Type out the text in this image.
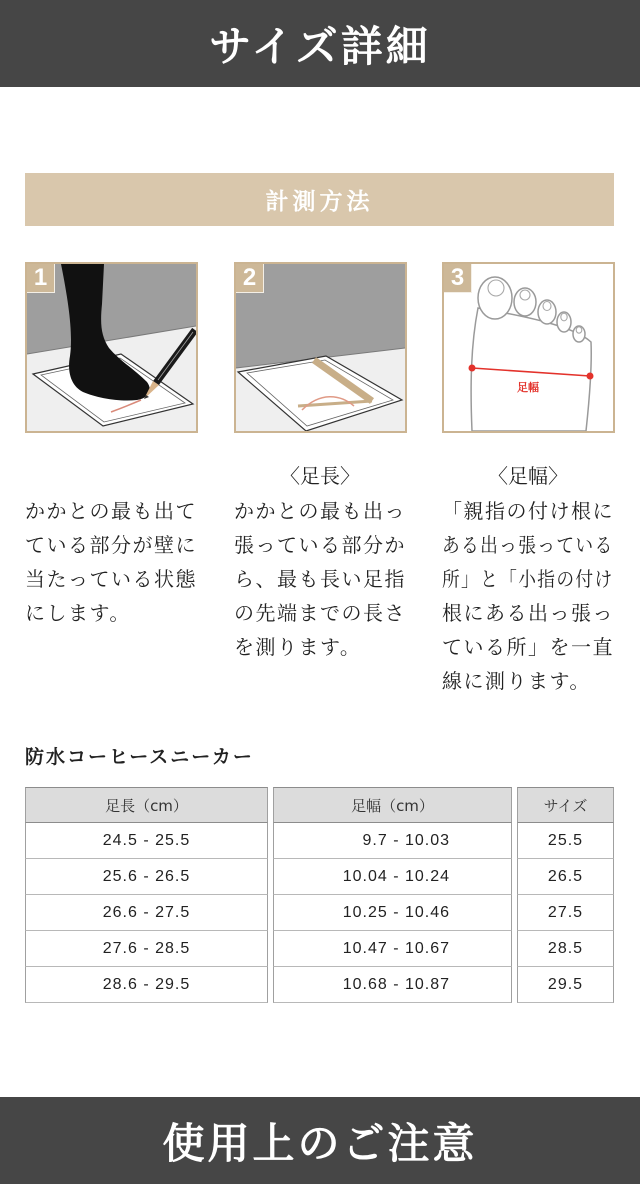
サイズ詳細
計測方法
1	2
足幅
3
かかとの最も出て
ている部分が壁に
当たっている状態
にします。
〈足長〉
かかとの最も出っ
張っている部分か
ら、最も長い足指
の先端までの長さ
を測ります。
〈足幅〉
「親指の付け根に
ある出っ張っている
所」と「小指の付け
根にある出っ張っ
ている所」を一直
線に測ります。
防水コーヒースニーカー
足長（cm）	足幅（cm）	サイズ
24.5 - 25.5	9.7 - 10.03	25.5
25.6 - 26.5	10.04 - 10.24	26.5
26.6 - 27.5	10.25 - 10.46	27.5
27.6 - 28.5	10.47 - 10.67	28.5
28.6 - 29.5	10.68 - 10.87	29.5
使用上のご注意
